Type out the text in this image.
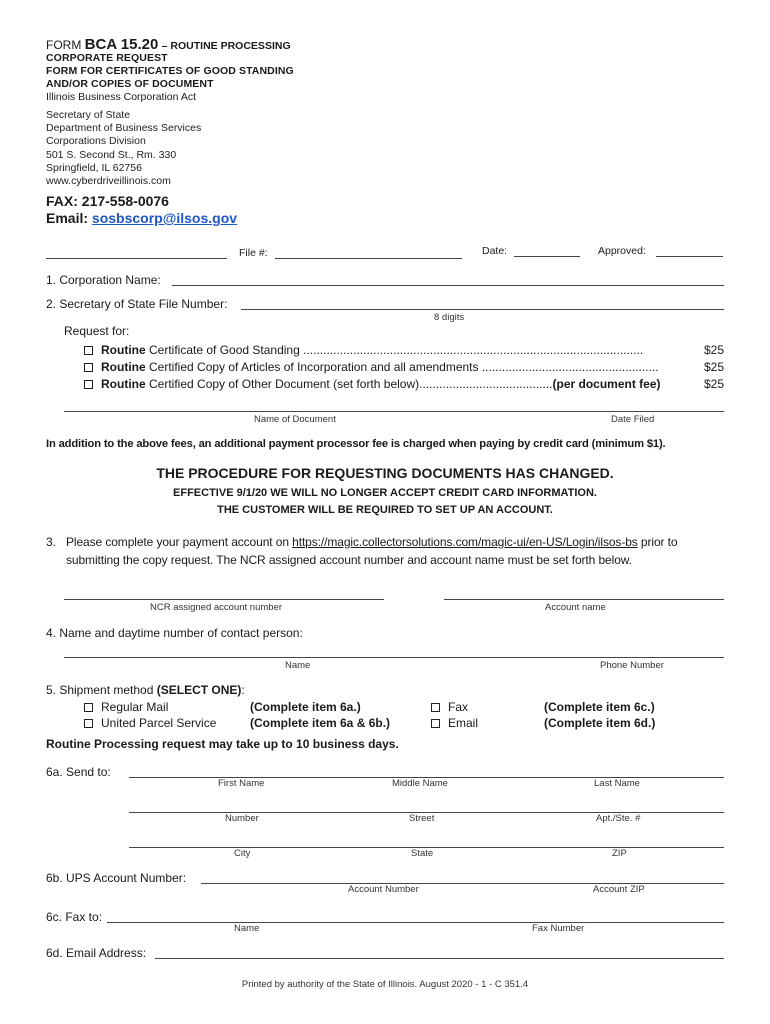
FORM BCA 15.20 – ROUTINE PROCESSING
CORPORATE REQUEST
FORM FOR CERTIFICATES OF GOOD STANDING
AND/OR COPIES OF DOCUMENT
Illinois Business Corporation Act
Secretary of State
Department of Business Services
Corporations Division
501 S. Second St., Rm. 330
Springfield, IL 62756
www.cyberdriveillinois.com
FAX: 217-558-0076
Email: sosbscorp@ilsos.gov
File #:	Date:	Approved:
1. Corporation Name:
2. Secretary of State File Number:
8 digits
Request for:
Routine Certificate of Good Standing ......................................................................................................	$25
Routine Certified Copy of Articles of Incorporation and all amendments .....................................................	$25
Routine Certified Copy of Other Document (set forth below)........................................(per document fee)	$25
Name of Document	Date Filed
In addition to the above fees, an additional payment processor fee is charged when paying by credit card (minimum $1).
THE PROCEDURE FOR REQUESTING DOCUMENTS HAS CHANGED.
EFFECTIVE 9/1/20 WE WILL NO LONGER ACCEPT CREDIT CARD INFORMATION.
THE CUSTOMER WILL BE REQUIRED TO SET UP AN ACCOUNT.
3. Please complete your payment account on https://magic.collectorsolutions.com/magic-ui/en-US/Login/ilsos-bs prior to
submitting the copy request. The NCR assigned account number and account name must be set forth below.
NCR assigned account number	Account name
4. Name and daytime number of contact person:
Name	Phone Number
5. Shipment method (SELECT ONE):
Regular Mail	(Complete item 6a.)	Fax	(Complete item 6c.)
United Parcel Service	(Complete item 6a & 6b.)	Email	(Complete item 6d.)
Routine Processing request may take up to 10 business days.
6a. Send to:
First Name	Middle Name	Last Name
Number	Street	Apt./Ste. #
City	State	ZIP
6b. UPS Account Number:
Account Number	Account ZIP
6c. Fax to:
Name	Fax Number
6d. Email Address:
Printed by authority of the State of Illinois. August 2020 - 1 - C 351.4
